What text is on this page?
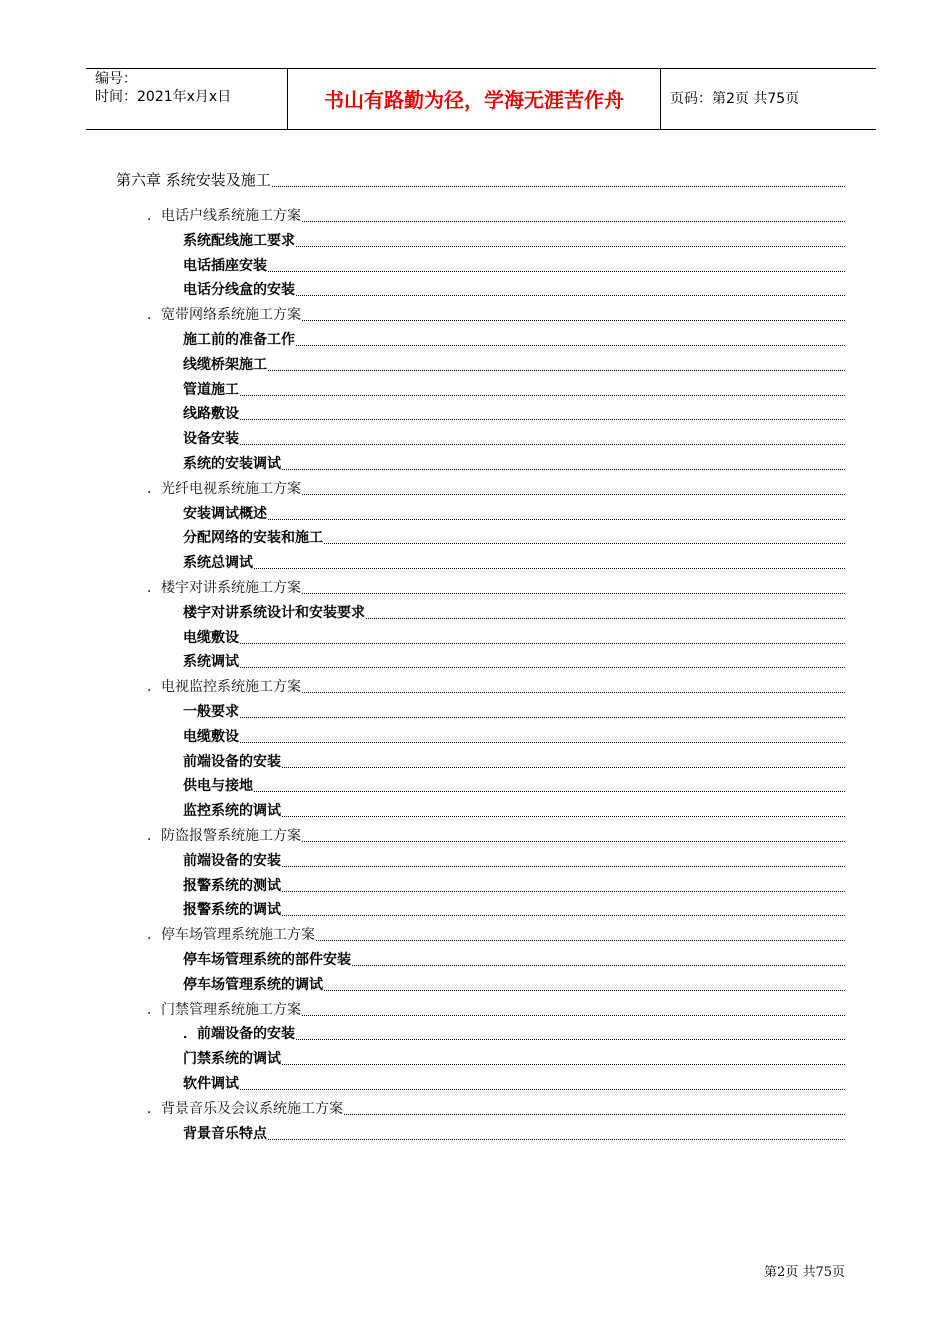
编号：
时间：2021年x月x日	书山有路勤为径，学海无涯苦作舟	页码：第2页 共75页
第六章 系统安装及施工
．电话户线系统施工方案
系统配线施工要求
电话插座安装
电话分线盒的安装
．宽带网络系统施工方案
施工前的准备工作
线缆桥架施工
管道施工
线路敷设
设备安装
系统的安装调试
．光纤电视系统施工方案
安装调试概述
分配网络的安装和施工
系统总调试
．楼宇对讲系统施工方案
楼宇对讲系统设计和安装要求
电缆敷设
系统调试
．电视监控系统施工方案
一般要求
电缆敷设
前端设备的安装
供电与接地
监控系统的调试
．防盗报警系统施工方案
前端设备的安装
报警系统的测试
报警系统的调试
．停车场管理系统施工方案
停车场管理系统的部件安装
停车场管理系统的调试
．门禁管理系统施工方案
．前端设备的安装
门禁系统的调试
软件调试
．背景音乐及会议系统施工方案
背景音乐特点
第2页 共75页
